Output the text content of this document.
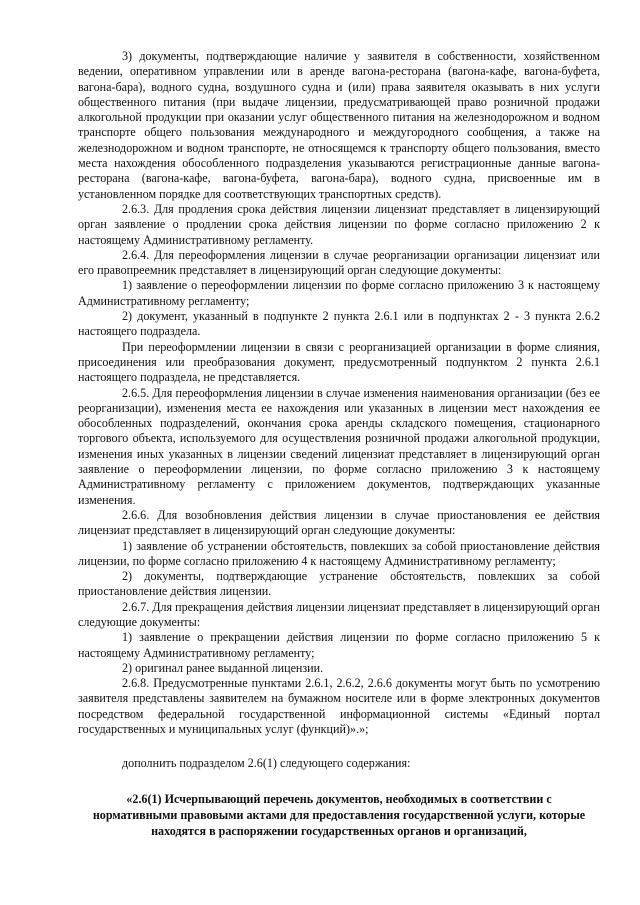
3) документы, подтверждающие наличие у заявителя в собственности, хозяйственном ведении, оперативном управлении или в аренде вагона-ресторана (вагона-кафе, вагона-буфета, вагона-бара), водного судна, воздушного судна и (или) права заявителя оказывать в них услуги общественного питания (при выдаче лицензии, предусматривающей право розничной продажи алкогольной продукции при оказании услуг общественного питания на железнодорожном и водном транспорте общего пользования международного и междугородного сообщения, а также на железнодорожном и водном транспорте, не относящемся к транспорту общего пользования, вместо места нахождения обособленного подразделения указываются регистрационные данные вагона-ресторана (вагона-кафе, вагона-буфета, вагона-бара), водного судна, присвоенные им в установленном порядке для соответствующих транспортных средств).

2.6.3. Для продления срока действия лицензии лицензиат представляет в лицензирующий орган заявление о продлении срока действия лицензии по форме согласно приложению 2 к настоящему Административному регламенту.

2.6.4. Для переоформления лицензии в случае реорганизации организации лицензиат или его правопреемник представляет в лицензирующий орган следующие документы:

1) заявление о переоформлении лицензии по форме согласно приложению 3 к настоящему Административному регламенту;

2) документ, указанный в подпункте 2 пункта 2.6.1 или в подпунктах 2 - 3 пункта 2.6.2 настоящего подраздела.

При переоформлении лицензии в связи с реорганизацией организации в форме слияния, присоединения или преобразования документ, предусмотренный подпунктом 2 пункта 2.6.1 настоящего подраздела, не представляется.

2.6.5. Для переоформления лицензии в случае изменения наименования организации (без ее реорганизации), изменения места ее нахождения или указанных в лицензии мест нахождения ее обособленных подразделений, окончания срока аренды складского помещения, стационарного торгового объекта, используемого для осуществления розничной продажи алкогольной продукции, изменения иных указанных в лицензии сведений лицензиат представляет в лицензирующий орган заявление о переоформлении лицензии, по форме согласно приложению 3 к настоящему Административному регламенту с приложением документов, подтверждающих указанные изменения.

2.6.6. Для возобновления действия лицензии в случае приостановления ее действия лицензиат представляет в лицензирующий орган следующие документы:

1) заявление об устранении обстоятельств, повлекших за собой приостановление действия лицензии, по форме согласно приложению 4 к настоящему Административному регламенту;

2) документы, подтверждающие устранение обстоятельств, повлекших за собой приостановление действия лицензии.

2.6.7. Для прекращения действия лицензии лицензиат представляет в лицензирующий орган следующие документы:

1) заявление о прекращении действия лицензии по форме согласно приложению 5 к настоящему Административному регламенту;

2) оригинал ранее выданной лицензии.

2.6.8. Предусмотренные пунктами 2.6.1, 2.6.2, 2.6.6 документы могут быть по усмотрению заявителя представлены заявителем на бумажном носителе или в форме электронных документов посредством федеральной государственной информационной системы «Единый портал государственных и муниципальных услуг (функций)».»;

дополнить подразделом 2.6(1) следующего содержания:

«2.6(1) Исчерпывающий перечень документов, необходимых в соответствии с нормативными правовыми актами для предоставления государственной услуги, которые находятся в распоряжении государственных органов и организаций,
